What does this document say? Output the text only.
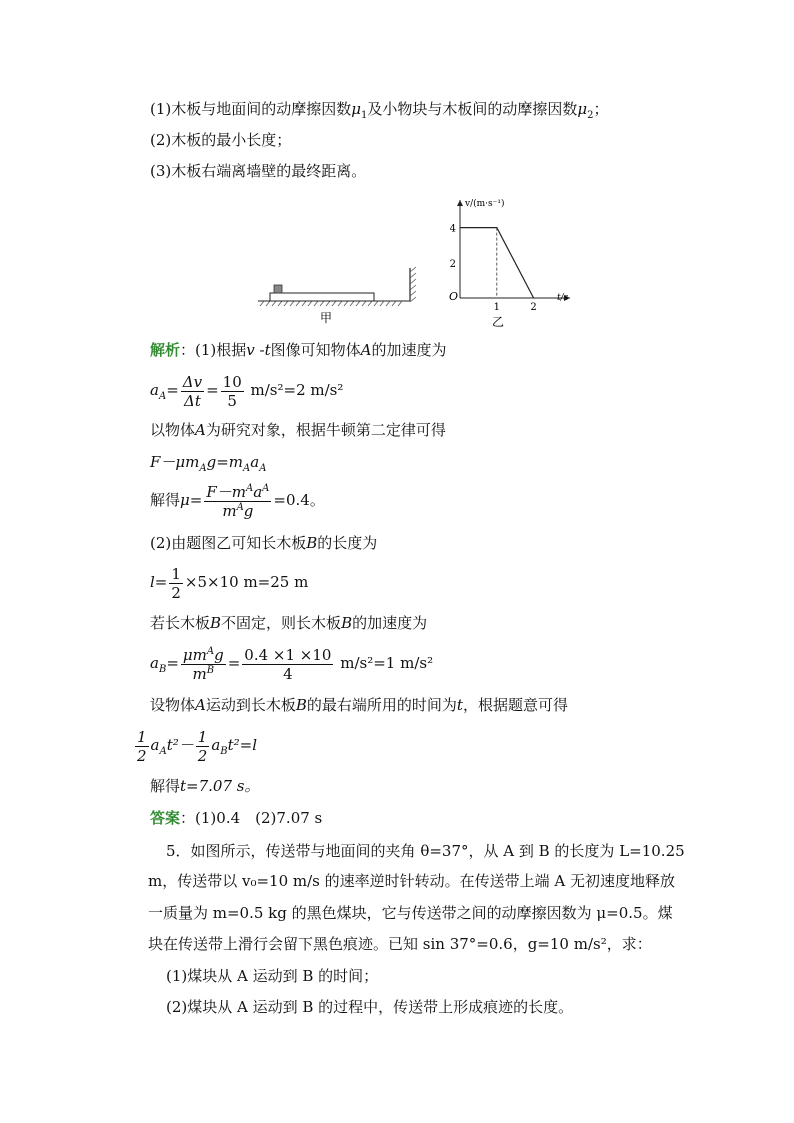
(1)木板与地面间的动摩擦因数$\mu_1$及小物块与木板间的动摩擦因数$\mu_2$；
(2)木板的最小长度；
(3)木板右端离墙壁的最终距离。
甲
v/(m·s⁻¹)
t/s
O
4
2
1	2
乙
解析：(1)根据v -t图像可知物体A的加速度为
$a_A= \frac{\Delta v}{\Delta t} = \frac{10}{5} m/s^2=2$ m/s²
以物体A为研究对象，根据牛顿第二定律可得
$F-\mu m_Ag=m_Aa_A$
解得$\mu= \frac{F-m^Aa^A}{m^Ag} =0.4$。
(2)由题图乙可知长木板B的长度为
$l= \frac{1}{2} \times 5\times 10$ m=25 m
若长木板B不固定，则长木板B的加速度为
$a_B= \frac{\mu m^Ag}{m^B} = \frac{0.4 \times 1 \times 10}{4} m/s^2=1$ m/s²
设物体A运动到长木板B的最右端所用的时间为t，根据题意可得
$\frac{1}{2} a_At^2- \frac{1}{2} a_Bt^2=l$
解得t=7.07 s。
答案：(1)0.4　(2)7.07 s
5．如图所示，传送带与地面间的夹角 θ=37°，从 A 到 B 的长度为 L=10.25
m，传送带以 v₀=10 m/s 的速率逆时针转动。在传送带上端 A 无初速度地释放
一质量为 m=0.5 kg 的黑色煤块，它与传送带之间的动摩擦因数为 μ=0.5。煤
块在传送带上滑行会留下黑色痕迹。已知 sin 37°=0.6，g=10 m/s²，求：
(1)煤块从 A 运动到 B 的时间；
(2)煤块从 A 运动到 B 的过程中，传送带上形成痕迹的长度。
